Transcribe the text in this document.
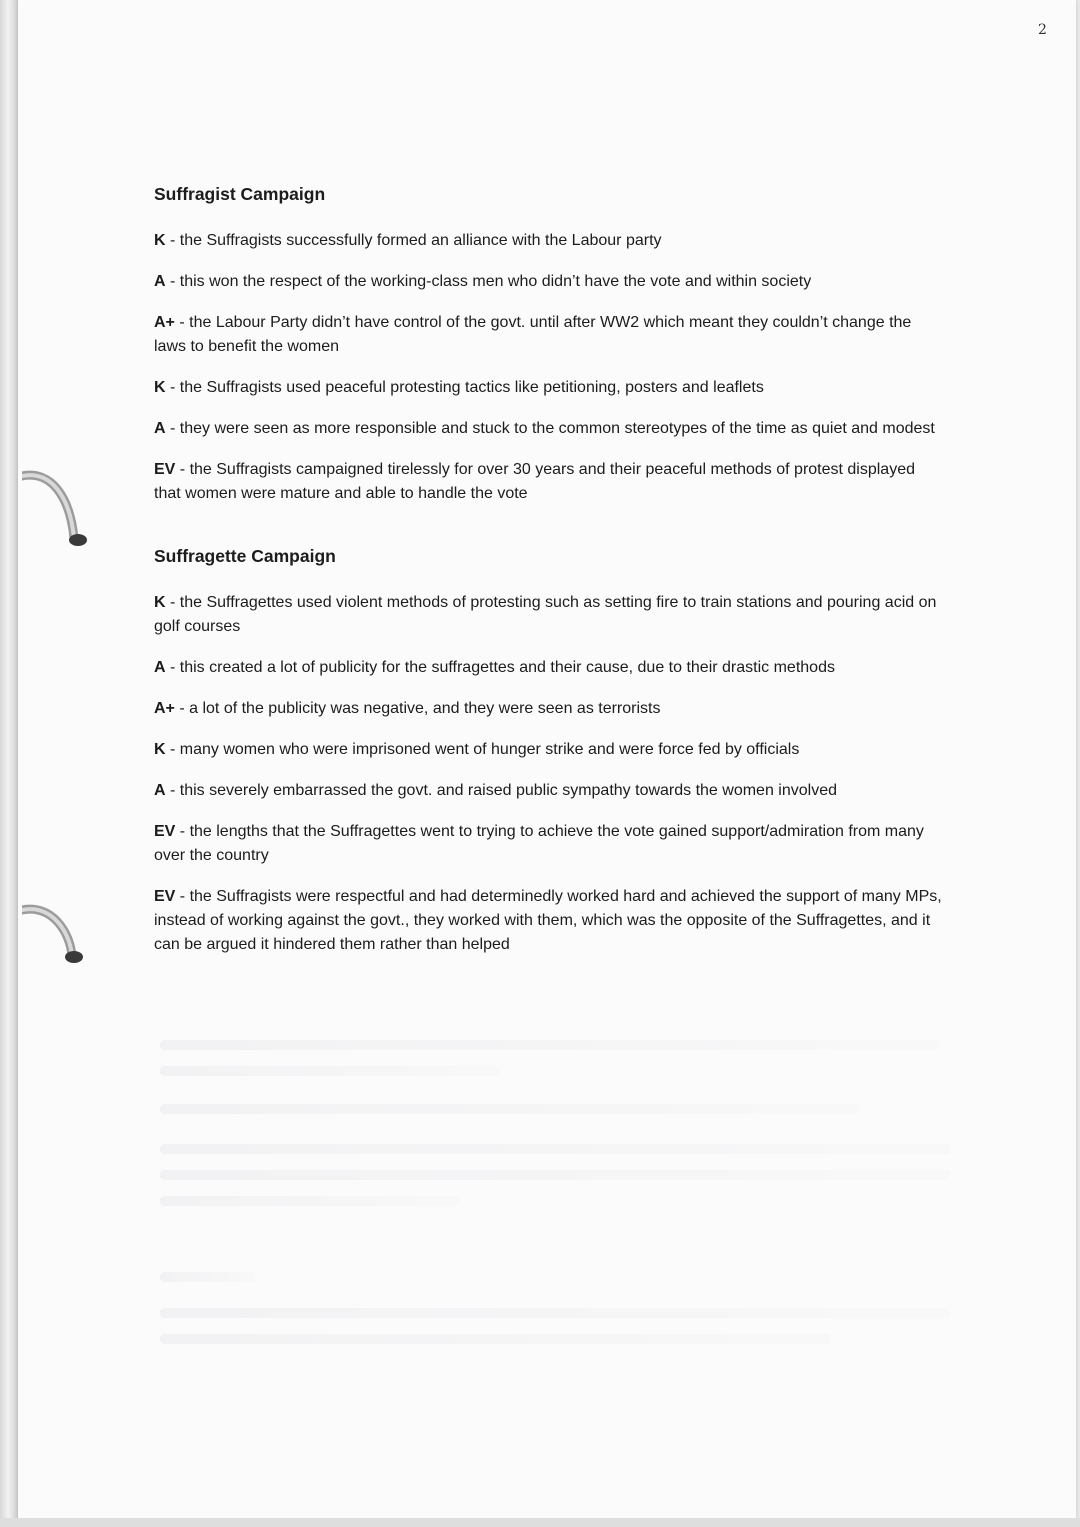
2
Suffragist Campaign
K - the Suffragists successfully formed an alliance with the Labour party
A - this won the respect of the working-class men who didn’t have the vote and within society
A+ - the Labour Party didn’t have control of the govt. until after WW2 which meant they couldn’t change the laws to benefit the women
K - the Suffragists used peaceful protesting tactics like petitioning, posters and leaflets
A - they were seen as more responsible and stuck to the common stereotypes of the time as quiet and modest
EV - the Suffragists campaigned tirelessly for over 30 years and their peaceful methods of protest displayed that women were mature and able to handle the vote
Suffragette Campaign
K - the Suffragettes used violent methods of protesting such as setting fire to train stations and pouring acid on golf courses
A - this created a lot of publicity for the suffragettes and their cause, due to their drastic methods
A+ - a lot of the publicity was negative, and they were seen as terrorists
K - many women who were imprisoned went of hunger strike and were force fed by officials
A - this severely embarrassed the govt. and raised public sympathy towards the women involved
EV - the lengths that the Suffragettes went to trying to achieve the vote gained support/admiration from many over the country
EV - the Suffragists were respectful and had determinedly worked hard and achieved the support of many MPs, instead of working against the govt., they worked with them, which was the opposite of the Suffragettes, and it can be argued it hindered them rather than helped
